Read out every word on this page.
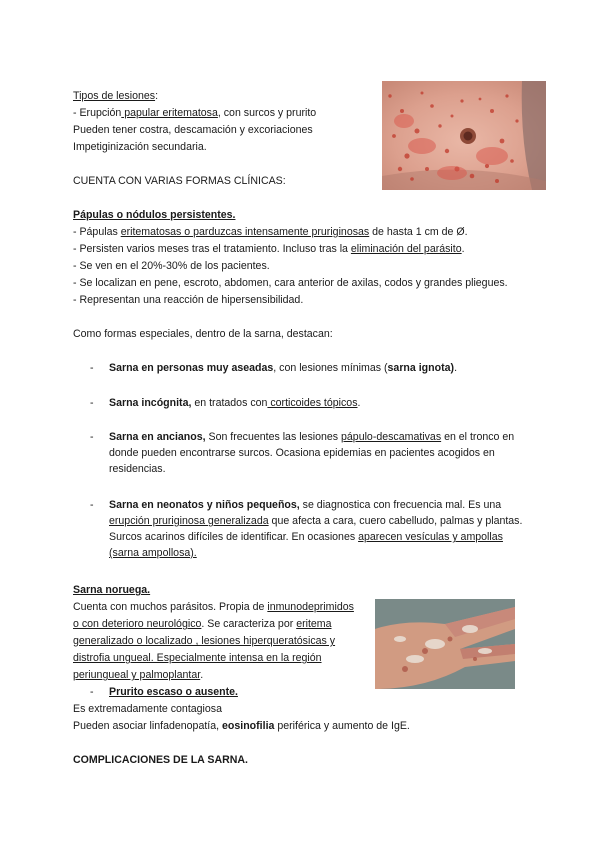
Tipos de lesiones:
- Erupción papular eritematosa, con surcos y prurito
Pueden tener costra, descamación y excoriaciones
Impetiginización secundaria.
CUENTA CON VARIAS FORMAS CLÍNICAS:
Pápulas o nódulos persistentes.
- Pápulas eritematosas o parduzcas intensamente pruriginosas de hasta 1 cm de Ø.
- Persisten varios meses tras el tratamiento. Incluso tras la eliminación del parásito.
- Se ven en el 20%-30% de los pacientes.
- Se localizan en pene, escroto, abdomen, cara anterior de axilas, codos y grandes pliegues.
- Representan una reacción de hipersensibilidad.
Como formas especiales, dentro de la sarna, destacan:
- Sarna en personas muy aseadas, con lesiones mínimas (sarna ignota).
- Sarna incógnita, en tratados con corticoides tópicos.
- Sarna en ancianos, Son frecuentes las lesiones pápulo-descamativas en el tronco en donde pueden encontrarse surcos. Ocasiona epidemias en pacientes acogidos en residencias.
- Sarna en neonatos y niños pequeños, se diagnostica con frecuencia mal. Es una erupción pruriginosa generalizada que afecta a cara, cuero cabelludo, palmas y plantas. Surcos acarinos difíciles de identificar. En ocasiones aparecen vesículas y ampollas (sarna ampollosa).
Sarna noruega.
Cuenta con muchos parásitos. Propia de inmunodeprimidos
o con deterioro neurológico. Se caracteriza por eritema
generalizado o localizado , lesiones hiperqueratósicas y
distrofia ungueal. Especialmente intensa en la región
periungueal y palmoplantar.
- Prurito escaso o ausente.
Es extremadamente contagiosa
Pueden asociar linfadenopatía, eosinofilia periférica y aumento de IgE.
COMPLICACIONES DE LA SARNA.
